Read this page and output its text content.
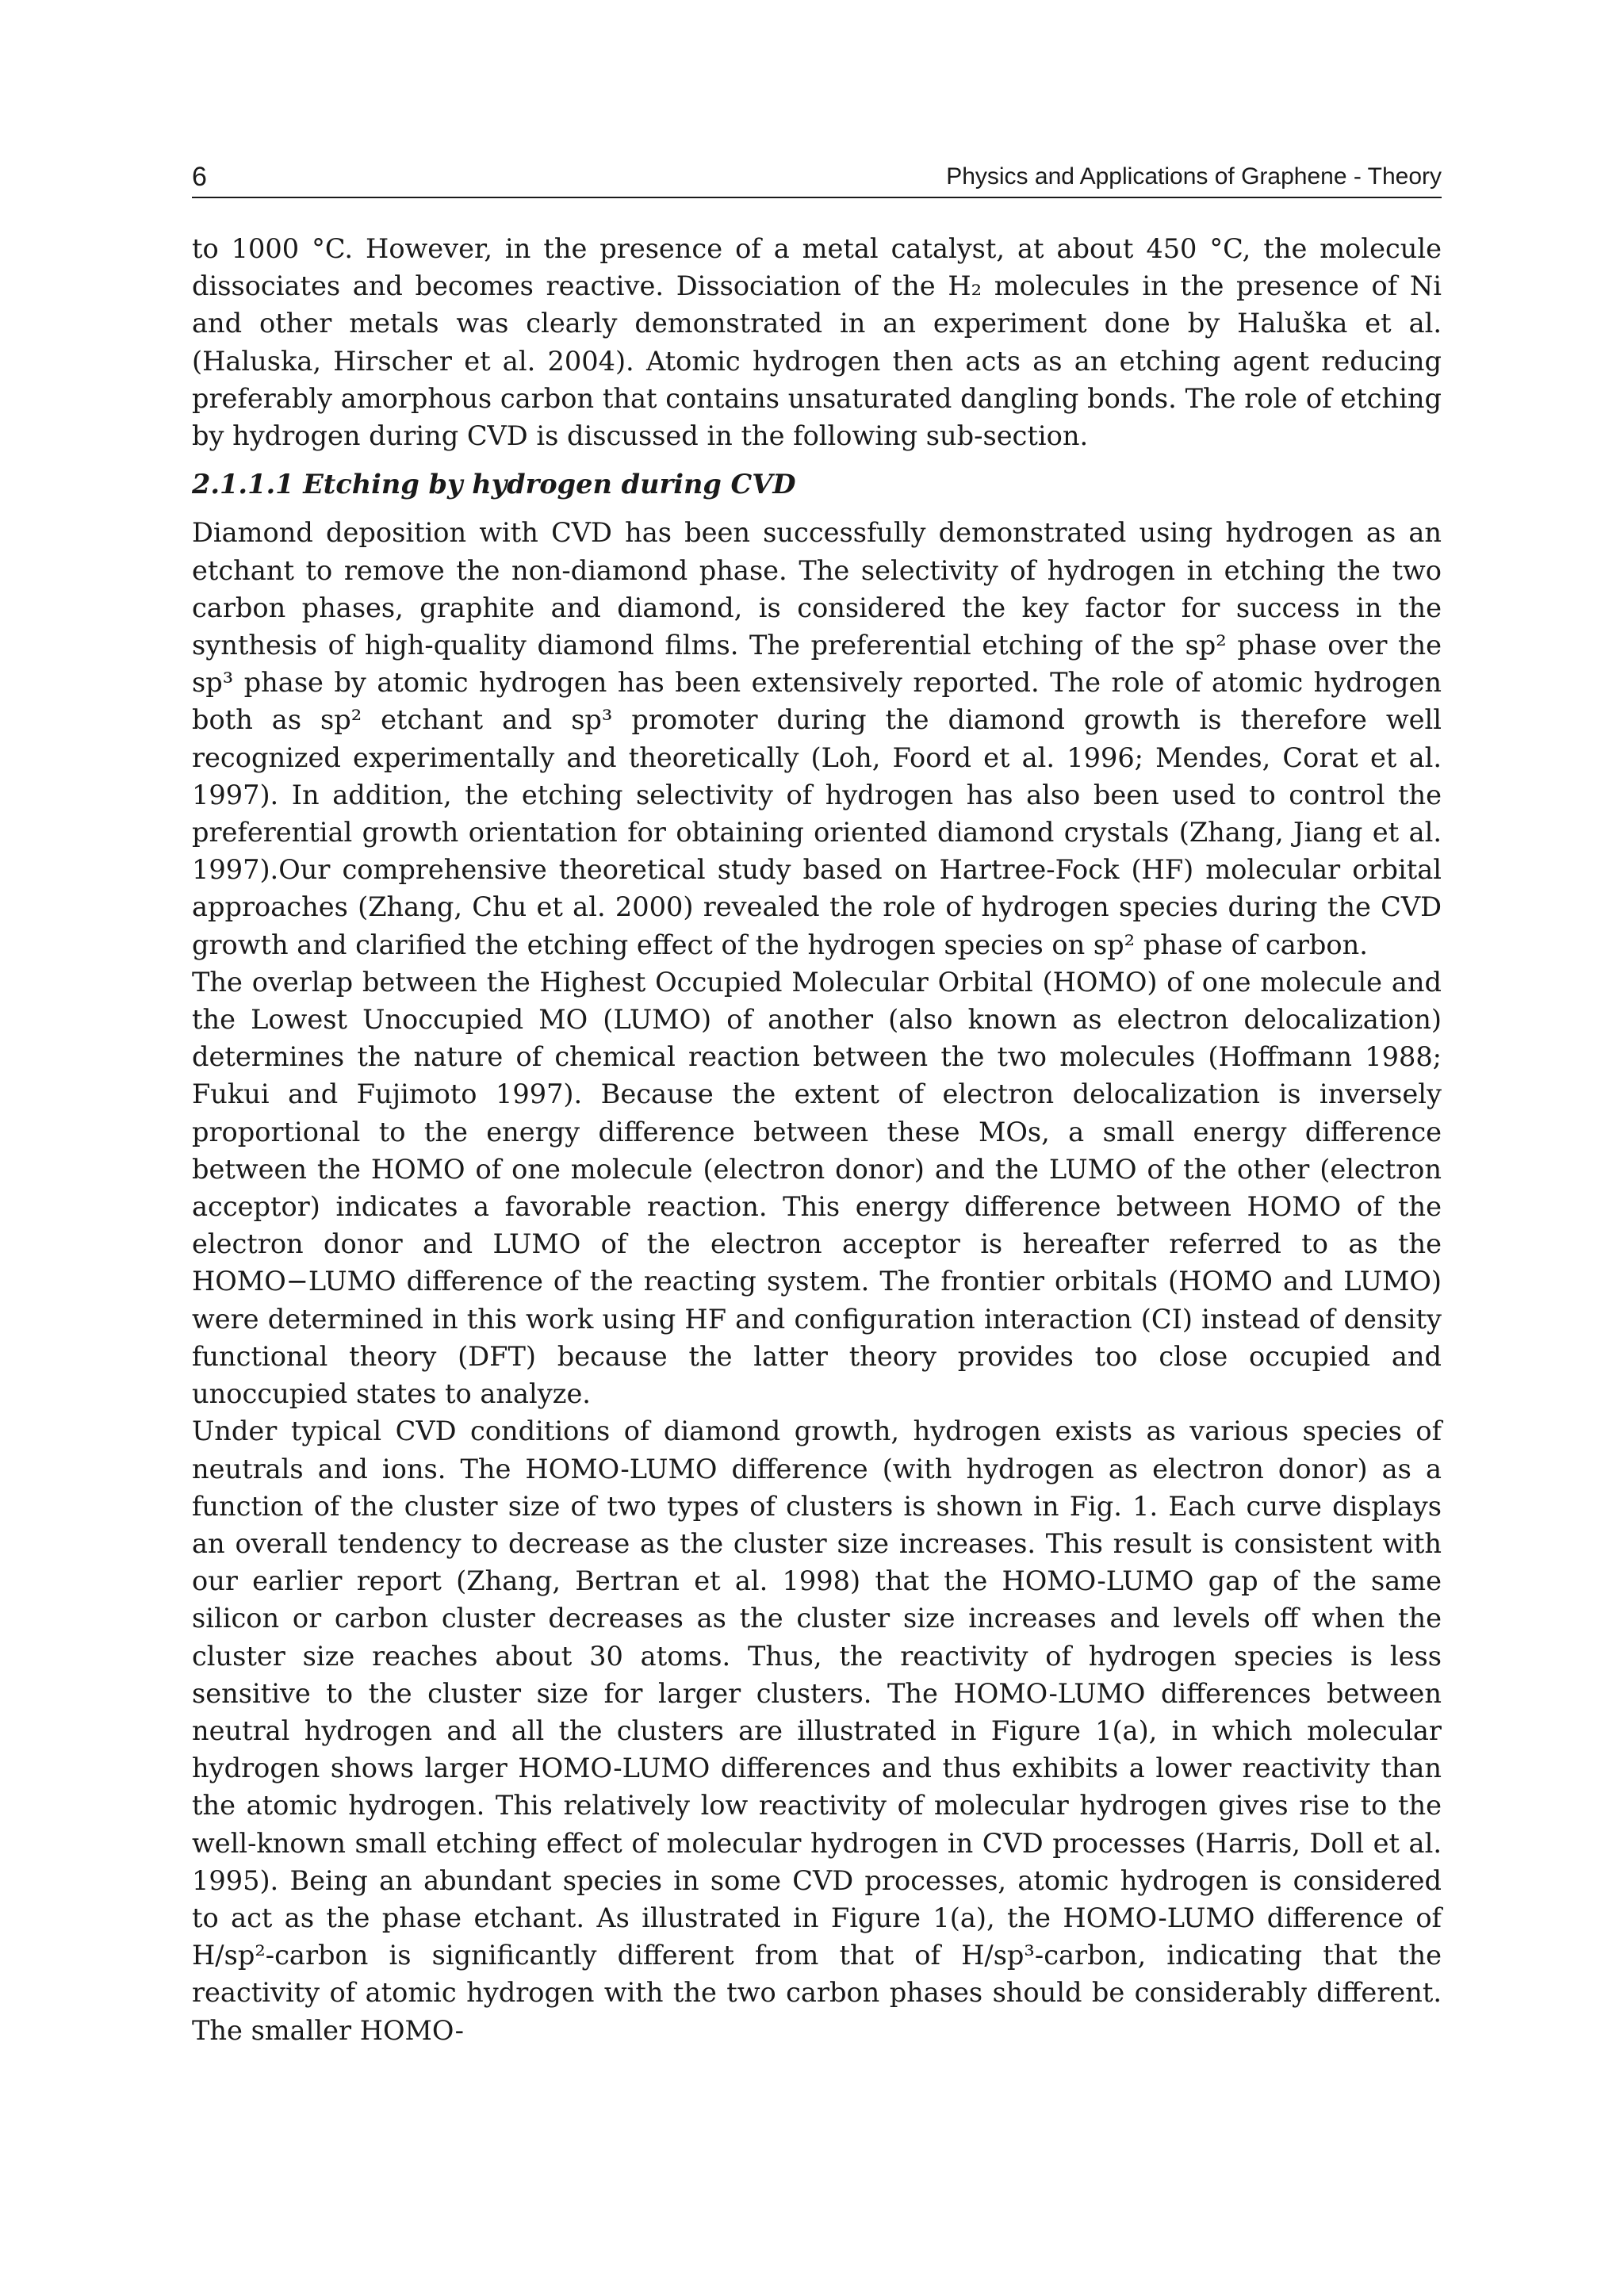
6	Physics and Applications of Graphene - Theory

to 1000 °C. However, in the presence of a metal catalyst, at about 450 °C, the molecule dissociates and becomes reactive. Dissociation of the H₂ molecules in the presence of Ni and other metals was clearly demonstrated in an experiment done by Haluška et al. (Haluska, Hirscher et al. 2004). Atomic hydrogen then acts as an etching agent reducing preferably amorphous carbon that contains unsaturated dangling bonds. The role of etching by hydrogen during CVD is discussed in the following sub-section.

2.1.1.1 Etching by hydrogen during CVD

Diamond deposition with CVD has been successfully demonstrated using hydrogen as an etchant to remove the non-diamond phase. The selectivity of hydrogen in etching the two carbon phases, graphite and diamond, is considered the key factor for success in the synthesis of high-quality diamond films. The preferential etching of the sp² phase over the sp³ phase by atomic hydrogen has been extensively reported. The role of atomic hydrogen both as sp² etchant and sp³ promoter during the diamond growth is therefore well recognized experimentally and theoretically (Loh, Foord et al. 1996; Mendes, Corat et al. 1997). In addition, the etching selectivity of hydrogen has also been used to control the preferential growth orientation for obtaining oriented diamond crystals (Zhang, Jiang et al. 1997).Our comprehensive theoretical study based on Hartree-Fock (HF) molecular orbital approaches (Zhang, Chu et al. 2000) revealed the role of hydrogen species during the CVD growth and clarified the etching effect of the hydrogen species on sp² phase of carbon.

The overlap between the Highest Occupied Molecular Orbital (HOMO) of one molecule and the Lowest Unoccupied MO (LUMO) of another (also known as electron delocalization) determines the nature of chemical reaction between the two molecules (Hoffmann 1988; Fukui and Fujimoto 1997). Because the extent of electron delocalization is inversely proportional to the energy difference between these MOs, a small energy difference between the HOMO of one molecule (electron donor) and the LUMO of the other (electron acceptor) indicates a favorable reaction. This energy difference between HOMO of the electron donor and LUMO of the electron acceptor is hereafter referred to as the HOMO−LUMO difference of the reacting system. The frontier orbitals (HOMO and LUMO) were determined in this work using HF and configuration interaction (CI) instead of density functional theory (DFT) because the latter theory provides too close occupied and unoccupied states to analyze.

Under typical CVD conditions of diamond growth, hydrogen exists as various species of neutrals and ions. The HOMO-LUMO difference (with hydrogen as electron donor) as a function of the cluster size of two types of clusters is shown in Fig. 1. Each curve displays an overall tendency to decrease as the cluster size increases. This result is consistent with our earlier report (Zhang, Bertran et al. 1998) that the HOMO-LUMO gap of the same silicon or carbon cluster decreases as the cluster size increases and levels off when the cluster size reaches about 30 atoms. Thus, the reactivity of hydrogen species is less sensitive to the cluster size for larger clusters. The HOMO-LUMO differences between neutral hydrogen and all the clusters are illustrated in Figure 1(a), in which molecular hydrogen shows larger HOMO-LUMO differences and thus exhibits a lower reactivity than the atomic hydrogen. This relatively low reactivity of molecular hydrogen gives rise to the well-known small etching effect of molecular hydrogen in CVD processes (Harris, Doll et al. 1995). Being an abundant species in some CVD processes, atomic hydrogen is considered to act as the phase etchant. As illustrated in Figure 1(a), the HOMO-LUMO difference of H/sp²-carbon is significantly different from that of H/sp³-carbon, indicating that the reactivity of atomic hydrogen with the two carbon phases should be considerably different. The smaller HOMO-
